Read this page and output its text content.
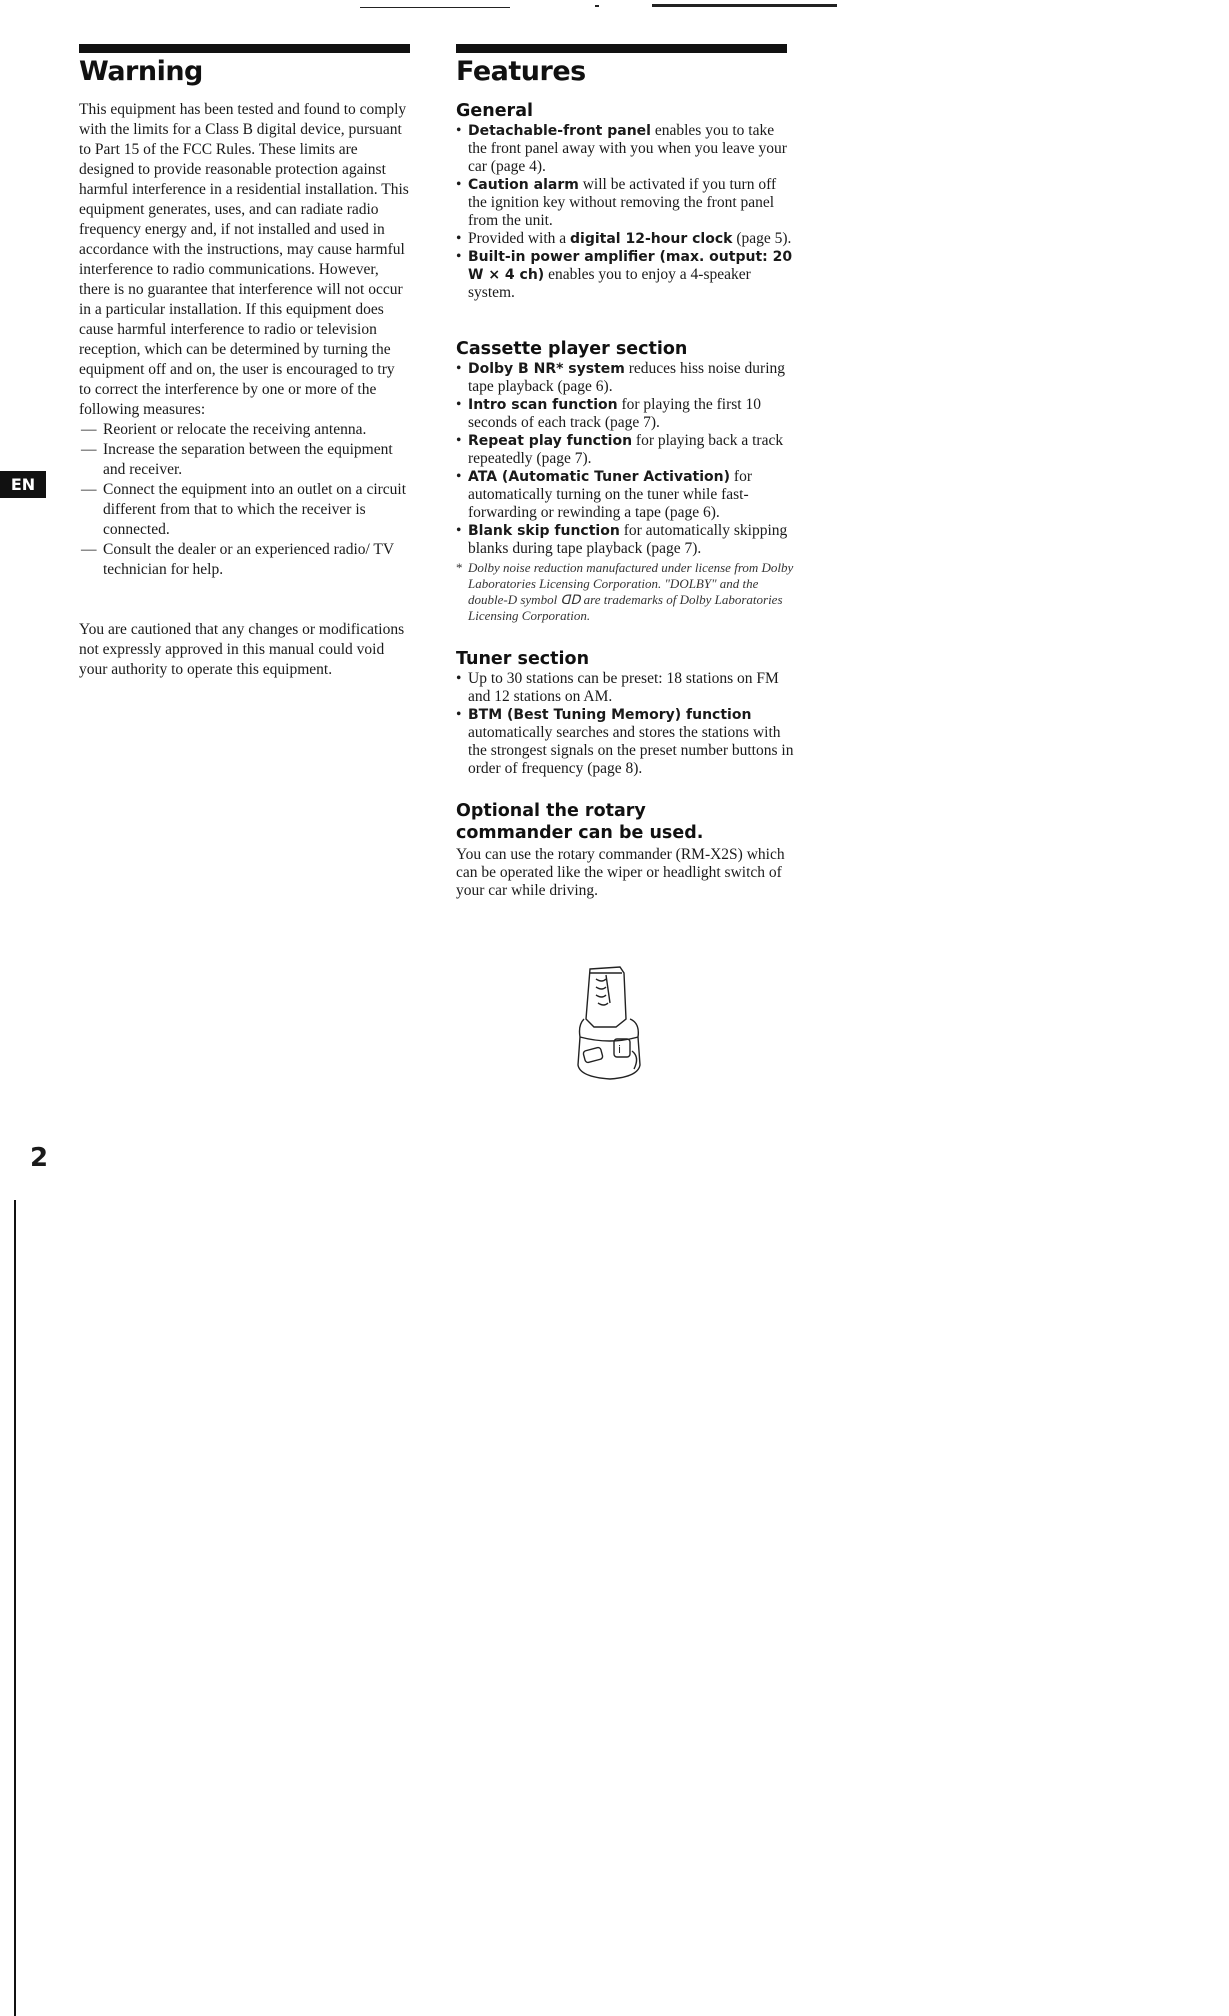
Warning	Features
EN

This equipment has been tested and found to comply with the limits for a Class B digital device, pursuant to Part 15 of the FCC Rules. These limits are designed to provide reasonable protection against harmful interference in a residential installation. This equipment generates, uses, and can radiate radio frequency energy and, if not installed and used in accordance with the instructions, may cause harmful interference to radio communications. However, there is no guarantee that interference will not occur in a particular installation. If this equipment does cause harmful interference to radio or television reception, which can be determined by turning the equipment off and on, the user is encouraged to try to correct the interference by one or more of the following measures:

— Reorient or relocate the receiving antenna.
— Increase the separation between the equipment and receiver.
— Connect the equipment into an outlet on a circuit different from that to which the receiver is connected.
— Consult the dealer or an experienced radio/ TV technician for help.

You are cautioned that any changes or modifications not expressly approved in this manual could void your authority to operate this equipment.

General
• Detachable-front panel enables you to take the front panel away with you when you leave your car (page 4).
• Caution alarm will be activated if you turn off the ignition key without removing the front panel from the unit.
• Provided with a digital 12-hour clock (page 5).
• Built-in power amplifier (max. output: 20 W × 4 ch) enables you to enjoy a 4-speaker system.
Cassette player section
• Dolby B NR* system reduces hiss noise during tape playback (page 6).
• Intro scan function for playing the first 10 seconds of each track (page 7).
• Repeat play function for playing back a track repeatedly (page 7).
• ATA (Automatic Tuner Activation) for automatically turning on the tuner while fast-forwarding or rewinding a tape (page 6).
• Blank skip function for automatically skipping blanks during tape playback (page 7).

* Dolby noise reduction manufactured under license from Dolby Laboratories Licensing Corporation. "DOLBY" and the double-D symbol ᗡᗞ are trademarks of Dolby Laboratories Licensing Corporation.

Tuner section
• Up to 30 stations can be preset: 18 stations on FM and 12 stations on AM.
• BTM (Best Tuning Memory) function automatically searches and stores the stations with the strongest signals on the preset number buttons in order of frequency (page 8).
Optional the rotary commander can be used.

You can use the rotary commander (RM-X2S) which can be operated like the wiper or headlight switch of your car while driving.

i
2
